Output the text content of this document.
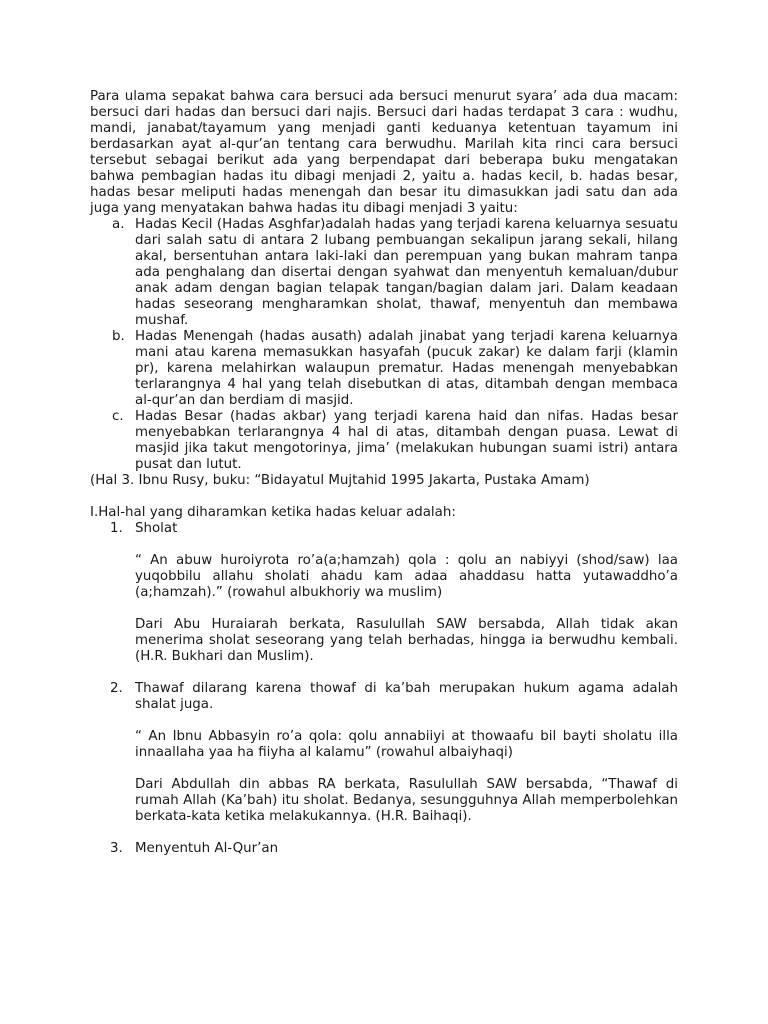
Para ulama sepakat bahwa cara bersuci ada bersuci menurut syara’ ada dua macam: bersuci dari hadas dan bersuci dari najis. Bersuci dari hadas terdapat 3 cara : wudhu, mandi, janabat/tayamum yang menjadi ganti keduanya ketentuan tayamum ini berdasarkan ayat al-qur’an tentang cara berwudhu. Marilah kita rinci cara bersuci tersebut sebagai berikut ada yang berpendapat dari beberapa buku mengatakan bahwa pembagian hadas itu dibagi menjadi 2, yaitu a. hadas kecil, b. hadas besar, hadas besar meliputi hadas menengah dan besar itu dimasukkan jadi satu dan ada juga yang menyatakan bahwa hadas itu dibagi menjadi 3 yaitu:

a. Hadas Kecil (Hadas Asghfar)adalah hadas yang terjadi karena keluarnya sesuatu dari salah satu di antara 2 lubang pembuangan sekalipun jarang sekali, hilang akal, bersentuhan antara laki-laki dan perempuan yang bukan mahram tanpa ada penghalang dan disertai dengan syahwat dan menyentuh kemaluan/dubur anak adam dengan bagian telapak tangan/bagian dalam jari. Dalam keadaan hadas seseorang mengharamkan sholat, thawaf, menyentuh dan membawa mushaf.
b. Hadas Menengah (hadas ausath) adalah jinabat yang terjadi karena keluarnya mani atau karena memasukkan hasyafah (pucuk zakar) ke dalam farji (klamin pr), karena melahirkan walaupun prematur. Hadas menengah menyebabkan terlarangnya 4 hal yang telah disebutkan di atas, ditambah dengan membaca al-qur’an dan berdiam di masjid.
c. Hadas Besar (hadas akbar) yang terjadi karena haid dan nifas. Hadas besar menyebabkan terlarangnya 4 hal di atas, ditambah dengan puasa. Lewat di masjid jika takut mengotorinya, jima’ (melakukan hubungan suami istri) antara pusat dan lutut.

(Hal 3. Ibnu Rusy, buku: “Bidayatul Mujtahid 1995 Jakarta, Pustaka Amam)

I.Hal-hal yang diharamkan ketika hadas keluar adalah:

1. Sholat

“ An abuw huroiyrota ro’a(a;hamzah) qola : qolu an nabiyyi (shod/saw) laa yuqobbilu allahu sholati ahadu kam adaa ahaddasu hatta yutawaddho’a (a;hamzah).” (rowahul albukhoriy wa muslim)

Dari Abu Huraiarah berkata, Rasulullah SAW bersabda, Allah tidak akan menerima sholat seseorang yang telah berhadas, hingga ia berwudhu kembali. (H.R. Bukhari dan Muslim).

2. Thawaf dilarang karena thowaf di ka’bah merupakan hukum agama adalah shalat juga.

“ An Ibnu Abbasyin ro’a qola: qolu annabiiyi at thowaafu bil bayti sholatu illa innaallaha yaa ha fiiyha al kalamu” (rowahul albaiyhaqi)

Dari Abdullah din abbas RA berkata, Rasulullah SAW bersabda, “Thawaf di rumah Allah (Ka’bah) itu sholat. Bedanya, sesungguhnya Allah memperbolehkan berkata-kata ketika melakukannya. (H.R. Baihaqi).

3. Menyentuh Al-Qur’an
